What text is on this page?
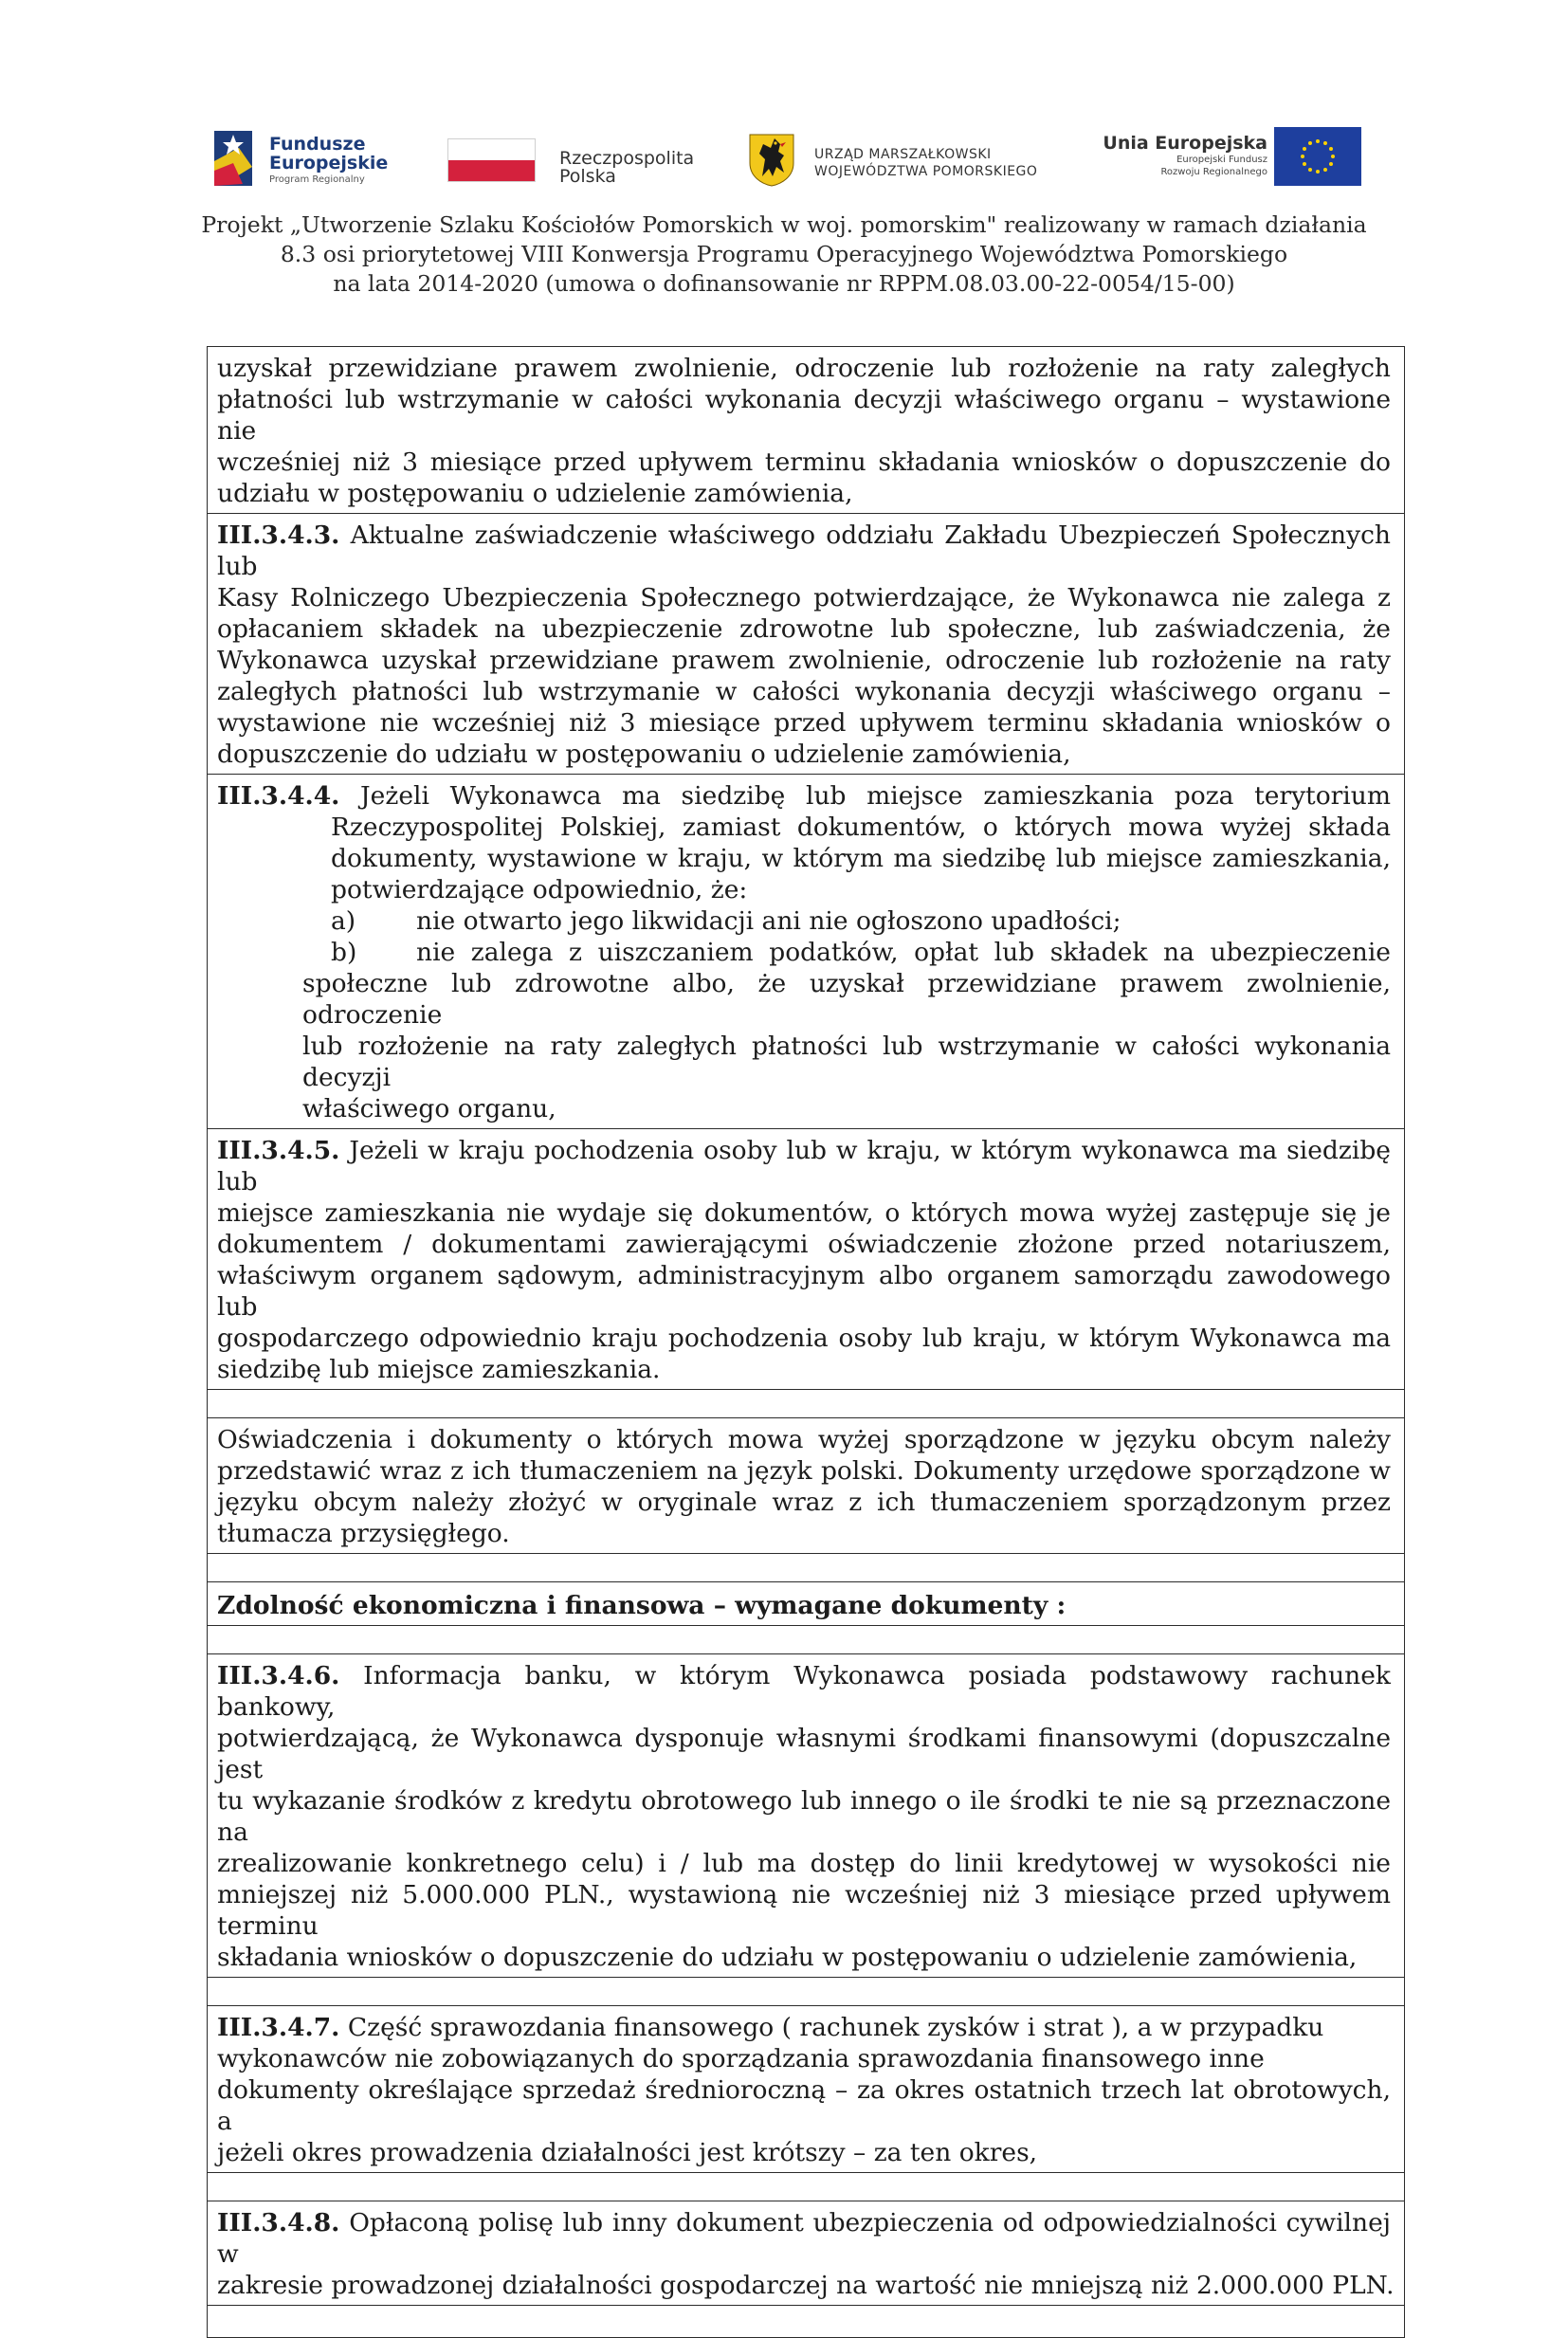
Fundusze
Europejskie
Program Regionalny
Rzeczpospolita
Polska
URZĄD MARSZAŁKOWSKI
WOJEWÓDZTWA POMORSKIEGO
Unia Europejska
Europejski Fundusz
Rozwoju Regionalnego
Projekt „Utworzenie Szlaku Kościołów Pomorskich w woj. pomorskim" realizowany w ramach działania
8.3 osi priorytetowej VIII Konwersja Programu Operacyjnego Województwa Pomorskiego
na lata 2014-2020 (umowa o dofinansowanie nr RPPM.08.03.00-22-0054/15-00)
uzyskał przewidziane prawem zwolnienie, odroczenie lub rozłożenie na raty zaległych
płatności lub wstrzymanie w całości wykonania decyzji właściwego organu – wystawione nie
wcześniej niż 3 miesiące przed upływem terminu składania wniosków o dopuszczenie do
udziału w postępowaniu o udzielenie zamówienia,
III.3.4.3. Aktualne zaświadczenie właściwego oddziału Zakładu Ubezpieczeń Społecznych lub
Kasy Rolniczego Ubezpieczenia Społecznego potwierdzające, że Wykonawca nie zalega z
opłacaniem składek na ubezpieczenie zdrowotne lub społeczne, lub zaświadczenia, że
Wykonawca uzyskał przewidziane prawem zwolnienie, odroczenie lub rozłożenie na raty
zaległych płatności lub wstrzymanie w całości wykonania decyzji właściwego organu –
wystawione nie wcześniej niż 3 miesiące przed upływem terminu składania wniosków o
dopuszczenie do udziału w postępowaniu o udzielenie zamówienia,
III.3.4.4. Jeżeli Wykonawca ma siedzibę lub miejsce zamieszkania poza terytorium
Rzeczypospolitej Polskiej, zamiast dokumentów, o których mowa wyżej składa
dokumenty, wystawione w kraju, w którym ma siedzibę lub miejsce zamieszkania,
potwierdzające odpowiednio, że:
a) nie otwarto jego likwidacji ani nie ogłoszono upadłości;
b) nie zalega z uiszczaniem podatków, opłat lub składek na ubezpieczenie
społeczne lub zdrowotne albo, że uzyskał przewidziane prawem zwolnienie, odroczenie
lub rozłożenie na raty zaległych płatności lub wstrzymanie w całości wykonania decyzji
właściwego organu,
III.3.4.5. Jeżeli w kraju pochodzenia osoby lub w kraju, w którym wykonawca ma siedzibę lub
miejsce zamieszkania nie wydaje się dokumentów, o których mowa wyżej zastępuje się je
dokumentem / dokumentami zawierającymi oświadczenie złożone przed notariuszem,
właściwym organem sądowym, administracyjnym albo organem samorządu zawodowego lub
gospodarczego odpowiednio kraju pochodzenia osoby lub kraju, w którym Wykonawca ma
siedzibę lub miejsce zamieszkania.
Oświadczenia i dokumenty o których mowa wyżej sporządzone w języku obcym należy
przedstawić wraz z ich tłumaczeniem na język polski. Dokumenty urzędowe sporządzone w
języku obcym należy złożyć w oryginale wraz z ich tłumaczeniem sporządzonym przez
tłumacza przysięgłego.
Zdolność ekonomiczna i finansowa – wymagane dokumenty :
III.3.4.6. Informacja banku, w którym Wykonawca posiada podstawowy rachunek bankowy,
potwierdzającą, że Wykonawca dysponuje własnymi środkami finansowymi (dopuszczalne jest
tu wykazanie środków z kredytu obrotowego lub innego o ile środki te nie są przeznaczone na
zrealizowanie konkretnego celu) i / lub ma dostęp do linii kredytowej w wysokości nie
mniejszej niż 5.000.000 PLN., wystawioną nie wcześniej niż 3 miesiące przed upływem terminu
składania wniosków o dopuszczenie do udziału w postępowaniu o udzielenie zamówienia,
III.3.4.7. Część sprawozdania finansowego ( rachunek zysków i strat ), a w przypadku
wykonawców nie zobowiązanych do sporządzania sprawozdania finansowego inne
dokumenty określające sprzedaż średnioroczną – za okres ostatnich trzech lat obrotowych, a
jeżeli okres prowadzenia działalności jest krótszy – za ten okres,
III.3.4.8. Opłaconą polisę lub inny dokument ubezpieczenia od odpowiedzialności cywilnej w
zakresie prowadzonej działalności gospodarczej na wartość nie mniejszą niż 2.000.000 PLN.
